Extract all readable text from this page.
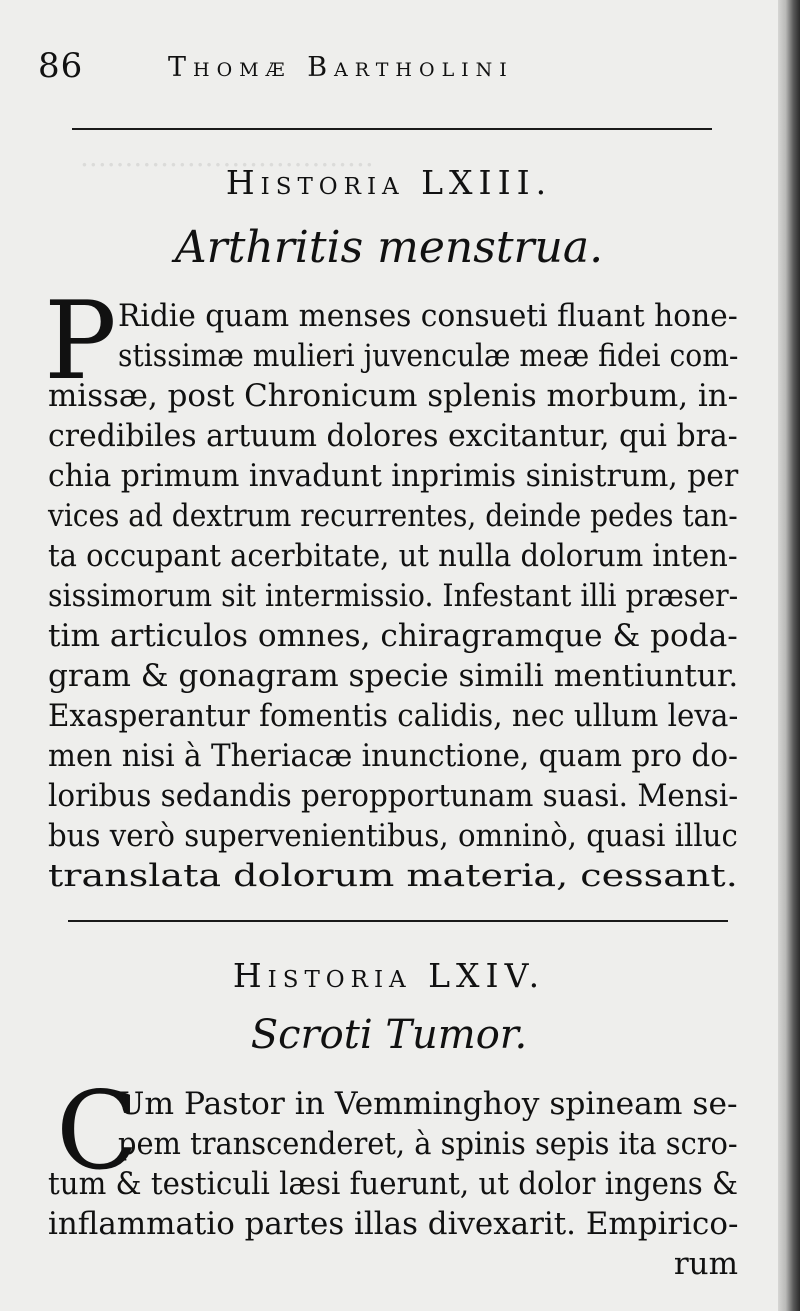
.................................
86	Thomæ Bartholini
Historia LXIII.
Arthritis menstrua.
P Ridie quam menses consueti fluant hone-
stissimæ mulieri juvenculæ meæ fidei com-
missæ, post Chronicum splenis morbum, in-
credibiles artuum dolores excitantur, qui bra-
chia primum invadunt inprimis sinistrum, per
vices ad dextrum recurrentes, deinde pedes tan-
ta occupant acerbitate, ut nulla dolorum inten-
sissimorum sit intermissio. Infestant illi præser-
tim articulos omnes, chiragramque & poda-
gram & gonagram specie simili mentiuntur.
Exasperantur fomentis calidis, nec ullum leva-
men nisi à Theriacæ inunctione, quam pro do-
loribus sedandis peropportunam suasi. Mensi-
bus verò supervenientibus, omninò, quasi illuc
translata dolorum materia, cessant.
Historia LXIV.
Scroti Tumor.
C
Um Pastor in Vemminghoy spineam se-
pem transcenderet, à spinis sepis ita scro-
tum & testiculi læsi fuerunt, ut dolor ingens &
inflammatio partes illas divexarit. Empirico-
rum
